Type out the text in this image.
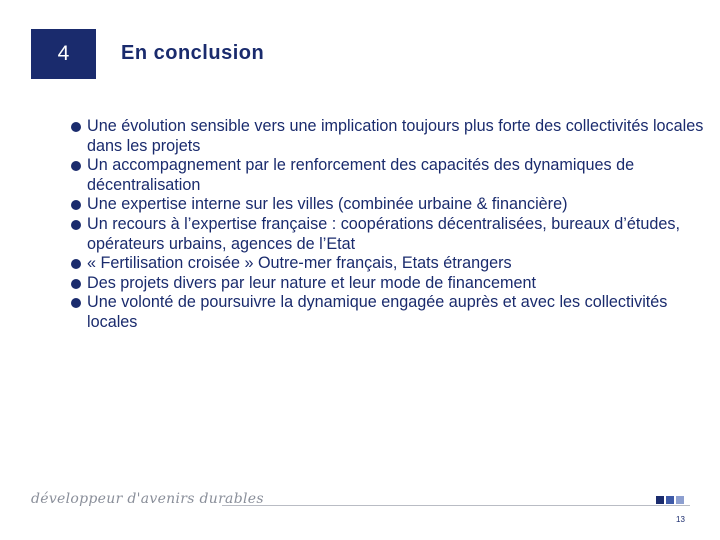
4	En conclusion
Une évolution sensible vers une implication toujours plus forte des collectivités locales dans les projets
Un accompagnement par le renforcement des capacités des dynamiques de décentralisation
Une expertise interne sur les villes (combinée urbaine & financière)
Un recours à l’expertise française : coopérations décentralisées, bureaux d’études, opérateurs urbains, agences de l’Etat
« Fertilisation croisée » Outre-mer français, Etats étrangers
Des projets divers par leur nature et leur mode de financement
Une volonté de poursuivre la dynamique engagée auprès et avec les collectivités locales
développeur d'avenirs durables
13
